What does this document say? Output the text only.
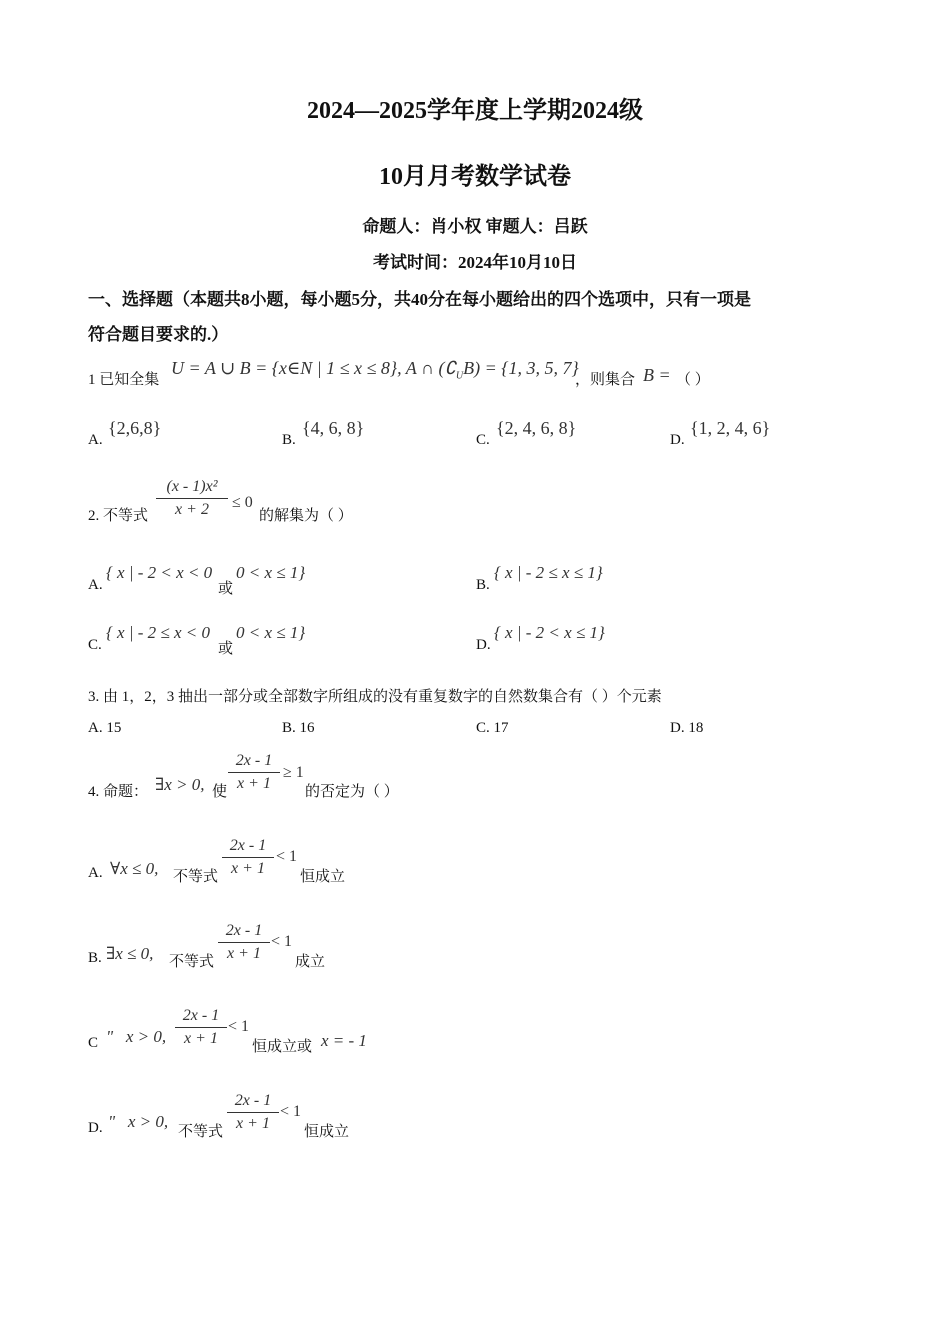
2024—2025学年度上学期2024级
10月月考数学试卷
命题人：肖小权 审题人：吕跃
考试时间：2024年10月10日
一、选择题（本题共8小题，每小题5分，共40分在每小题给出的四个选项中，只有一项是
符合题目要求的.）
1 已知全集
U = A ∪ B = {x∈N | 1 ≤ x ≤ 8}, A ∩ $(∁_UB) = \{1$, 3, 5, 7}
，则集合 B = （ ）
A.
{2,6,8}
B.
{4, 6, 8}
C.
{2, 4, 6, 8}
D.
{1, 2, 4, 6}
2. 不等式 $\frac{\text{(x - 1)x²}}{x + 2} \le 0$
的解集为（ ）
A.
{ x | - 2 < x < 0
或
0 < x ≤ 1}
B.
{ x | - 2 ≤ x ≤ 1}
C.
{ x | - 2 ≤ x < 0
或
0 < x ≤ 1}
D.
{ x | - 2 < x ≤ 1}
3. 由 1，2，3 抽出一部分或全部数字所组成的没有重复数字的自然数集合有（ ）个元素
A. 15	B. 16	C. 17	D. 18
4. 命题： ∃x > 0, 使 $\frac{2x - 1}{x + 1} \ge 1$
的否定为（ ）
A. ∀x ≤ 0, 不等式 $\frac{2x - 1}{x + 1} < 1$
恒成立
B. ∃x ≤ 0, 不等式 $\frac{2x - 1}{x + 1} < 1$
成立
C "   x > 0, $\frac{2x - 1}{x + 1} < 1$
恒成立或 x = - 1
D. "   x > 0,
不等式 $\frac{2x - 1}{x + 1} < 1$
恒成立
